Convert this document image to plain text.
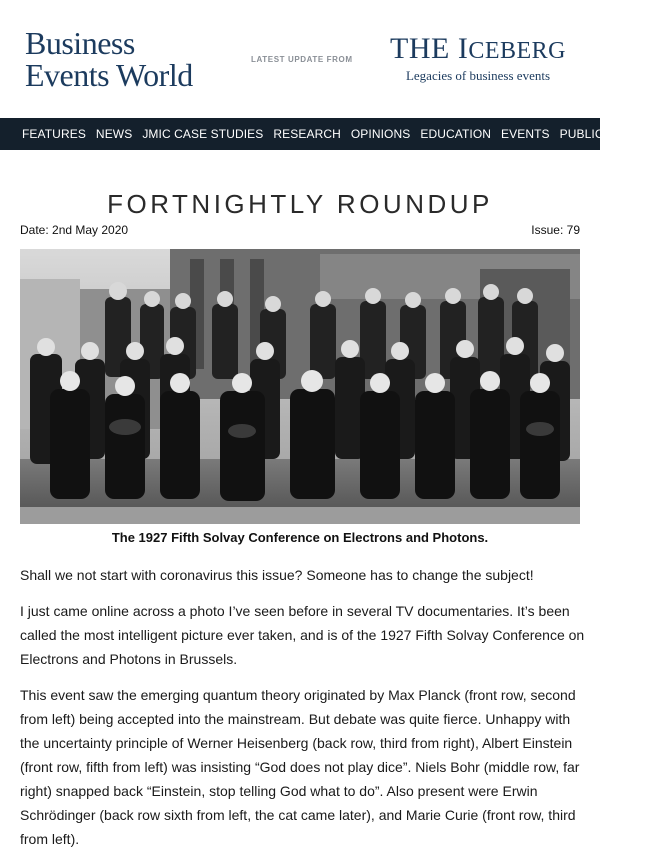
Business
Events World	LATEST UPDATE FROM THE ICEBERG
Legacies of business events
FEATURES NEWS JMIC CASE STUDIES RESEARCH OPINIONS EDUCATION EVENTS PUBLICATIONS
FORTNIGHTLY ROUNDUP
Date: 2nd May 2020	Issue: 79
The 1927 Fifth Solvay Conference on Electrons and Photons.

Shall we not start with coronavirus this issue? Someone has to change the subject!

I just came online across a photo I’ve seen before in several TV documentaries. It’s been called the most intelligent picture ever taken, and is of the 1927 Fifth Solvay Conference on Electrons and Photons in Brussels.

This event saw the emerging quantum theory originated by Max Planck (front row, second from left) being accepted into the mainstream. But debate was quite fierce. Unhappy with the uncertainty principle of Werner Heisenberg (back row, third from right), Albert Einstein (front row, fifth from left) was insisting “God does not play dice”. Niels Bohr (middle row, far right) snapped back “Einstein, stop telling God what to do”. Also present were Erwin Schrödinger (back row sixth from left, the cat came later), and Marie Curie (front row, third from left).
